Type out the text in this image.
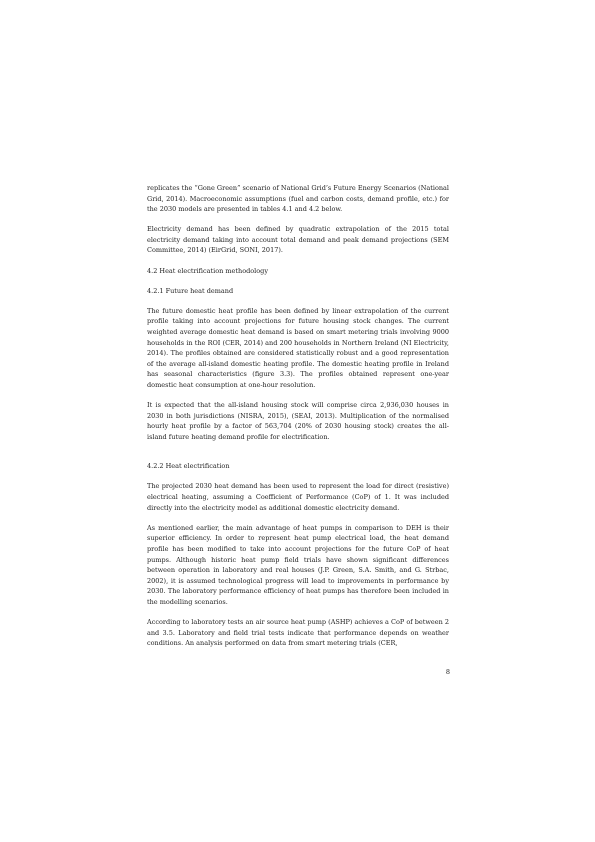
replicates the “Gone Green” scenario of National Grid’s Future Energy Scenarios (National Grid, 2014). Macroeconomic assumptions (fuel and carbon costs, demand profile, etc.) for the 2030 models are presented in tables 4.1 and 4.2 below.

Electricity demand has been defined by quadratic extrapolation of the 2015 total electricity demand taking into account total demand and peak demand projections (SEM Committee, 2014) (EirGrid, SONI, 2017).

4.2 Heat electrification methodology

4.2.1 Future heat demand

The future domestic heat profile has been defined by linear extrapolation of the current profile taking into account projections for future housing stock changes. The current weighted average domestic heat demand is based on smart metering trials involving 9000 households in the ROI (CER, 2014) and 200 households in Northern Ireland (NI Electricity, 2014). The profiles obtained are considered statistically robust and a good representation of the average all-island domestic heating profile. The domestic heating profile in Ireland has seasonal characteristics (figure 3.3). The profiles obtained represent one-year domestic heat consumption at one-hour resolution.

It is expected that the all-island housing stock will comprise circa 2,936,030 houses in 2030 in both jurisdictions (NISRA, 2015), (SEAI, 2013). Multiplication of the normalised hourly heat profile by a factor of 563,704 (20% of 2030 housing stock) creates the all-island future heating demand profile for electrification.

4.2.2 Heat electrification

The projected 2030 heat demand has been used to represent the load for direct (resistive) electrical heating, assuming a Coefficient of Performance (CoP) of 1. It was included directly into the electricity model as additional domestic electricity demand.

As mentioned earlier, the main advantage of heat pumps in comparison to DEH is their superior efficiency. In order to represent heat pump electrical load, the heat demand profile has been modified to take into account projections for the future CoP of heat pumps. Although historic heat pump field trials have shown significant differences between operation in laboratory and real houses (J.P. Green, S.A. Smith, and G. Strbac, 2002), it is assumed technological progress will lead to improvements in performance by 2030. The laboratory performance efficiency of heat pumps has therefore been included in the modelling scenarios.

According to laboratory tests an air source heat pump (ASHP) achieves a CoP of between 2 and 3.5. Laboratory and field trial tests indicate that performance depends on weather conditions. An analysis performed on data from smart metering trials (CER,

8
